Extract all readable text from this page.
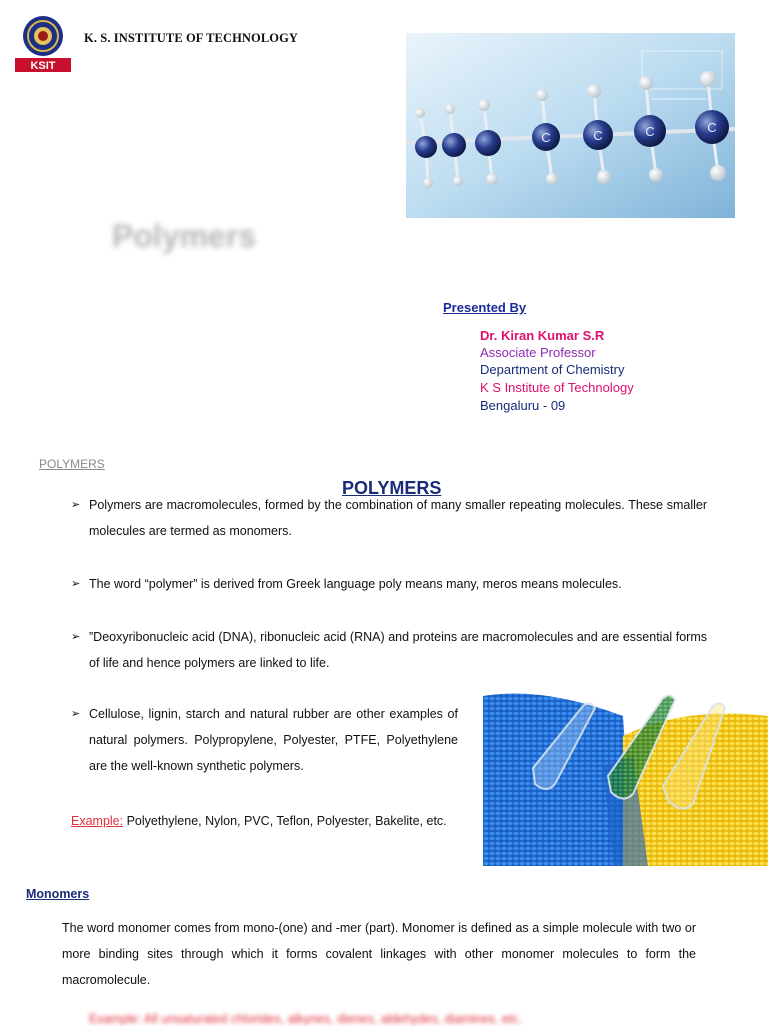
KSIT
K. S. INSTITUTE OF TECHNOLOGY
C	C	C	C
Polymers
Presented By
Dr. Kiran Kumar S.R
Associate Professor
Department of Chemistry
K S Institute of Technology
Bengaluru - 09
POLYMERS
POLYMERS
➢ Polymers are macromolecules, formed by the combination of many smaller repeating molecules. These smaller molecules are termed as monomers.
➢ The word “polymer” is derived from Greek language poly means many, meros means molecules.
➢ ”Deoxyribonucleic acid (DNA), ribonucleic acid (RNA) and proteins are macromolecules and are essential forms of life and hence polymers are linked to life.
➢ Cellulose, lignin, starch and natural rubber are other examples of natural polymers. Polypropylene, Polyester, PTFE, Polyethylene are the well-known synthetic polymers.
Example: Polyethylene, Nylon, PVC, Teflon, Polyester, Bakelite, etc.
Monomers
The word monomer comes from mono-(one) and -mer (part). Monomer is defined as a simple molecule with two or more binding sites through which it forms covalent linkages with other monomer molecules to form the macromolecule.
Example: All unsaturated chlorides, alkynes, dienes, aldehydes, diamines, etc.
